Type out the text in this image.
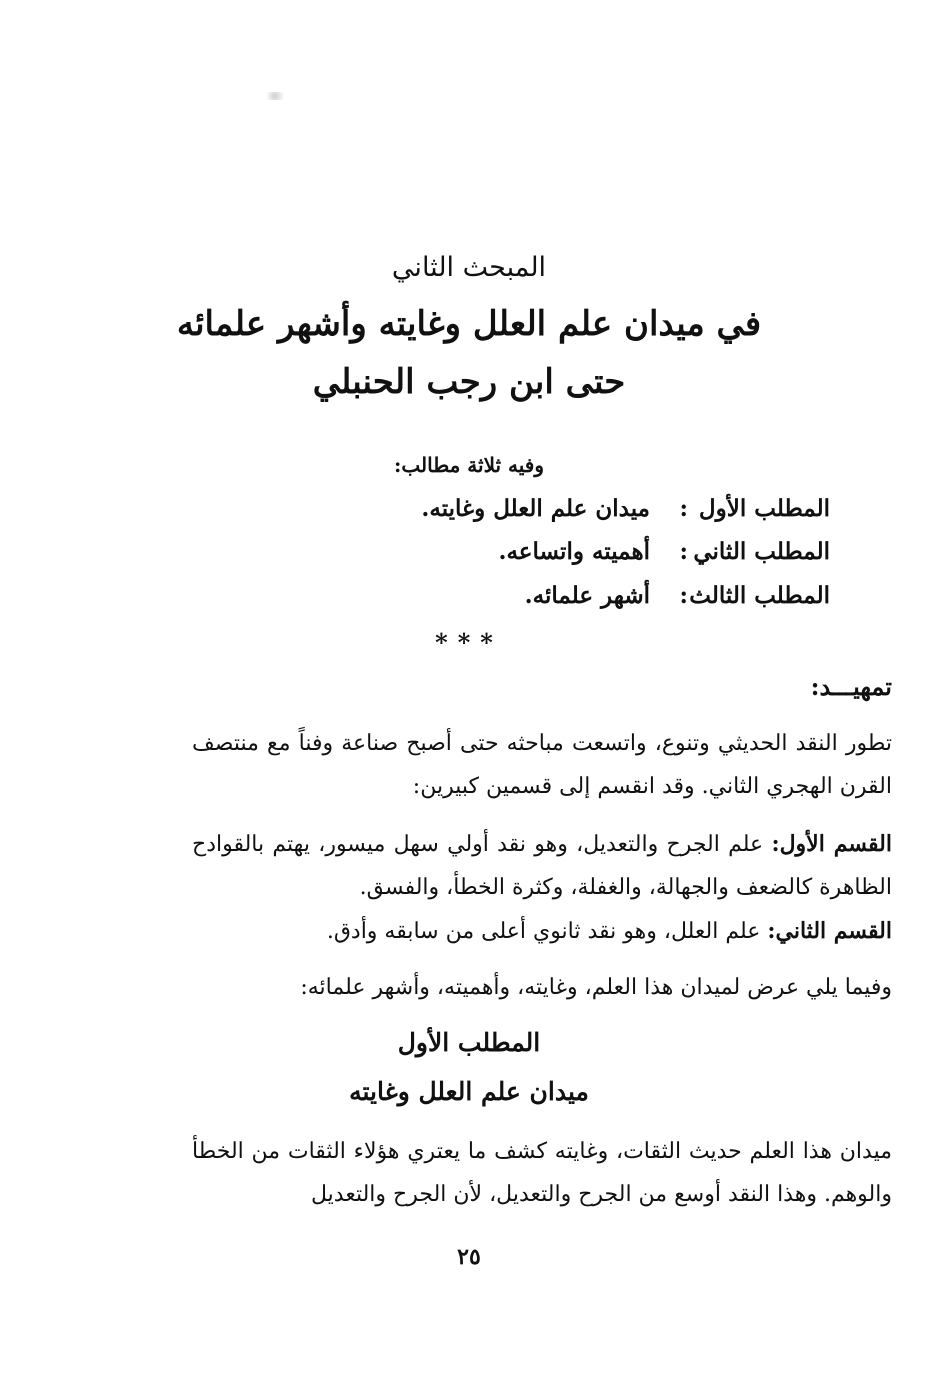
المبحث الثاني
في ميدان علم العلل وغايته وأشهر علمائه
حتى ابن رجب الحنبلي
وفيه ثلاثة مطالب:
المطلب الأول
:
ميدان علم العلل وغايته.
المطلب الثاني
:
أهميته واتساعه.
المطلب الثالث
:
أشهر علمائه.
***
تمهيـــد:
تطور النقد الحديثي وتنوع، واتسعت مباحثه حتى أصبح صناعة وفناً مع منتصف القرن الهجري الثاني. وقد انقسم إلى قسمين كبيرين:
القسم الأول: علم الجرح والتعديل، وهو نقد أولي سهل ميسور، يهتم بالقوادح الظاهرة كالضعف والجهالة، والغفلة، وكثرة الخطأ، والفسق.
القسم الثاني: علم العلل، وهو نقد ثانوي أعلى من سابقه وأدق.
وفيما يلي عرض لميدان هذا العلم، وغايته، وأهميته، وأشهر علمائه:
المطلب الأول
ميدان علم العلل وغايته
ميدان هذا العلم حديث الثقات، وغايته كشف ما يعتري هؤلاء الثقات من الخطأ والوهم. وهذا النقد أوسع من الجرح والتعديل، لأن الجرح والتعديل
٢٥
